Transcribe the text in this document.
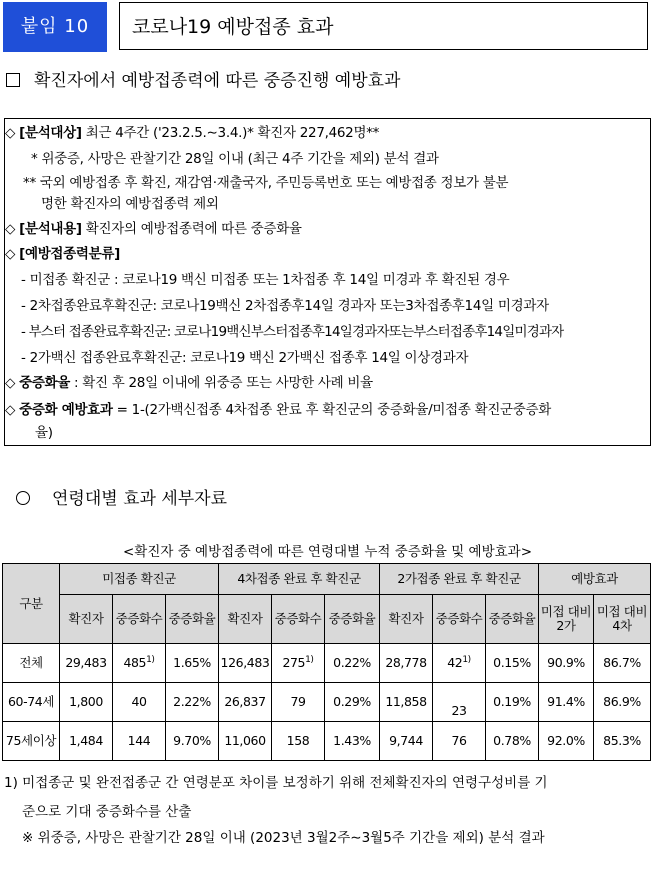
붙임 10	코로나19 예방접종 효과
확진자에서 예방접종력에 따른 중증진행 예방효과
◇ [분석대상] 최근 4주간 ('23.2.5.∼3.4.)* 확진자 227,462명**
* 위중증, 사망은 관찰기간 28일 이내 (최근 4주 기간을 제외) 분석 결과
** 국외 예방접종 후 확진, 재감염·재출국자, 주민등록번호 또는 예방접종 정보가 불분
명한 확진자의 예방접종력 제외
◇ [분석내용] 확진자의 예방접종력에 따른 중증화율
◇ [예방접종력분류]
- 미접종 확진군 : 코로나19 백신 미접종 또는 1차접종 후 14일 미경과 후 확진된 경우
- 2차접종완료후확진군: 코로나19백신 2차접종후14일 경과자 또는3차접종후14일 미경과자
- 부스터 접종완료후확진군: 코로나19백신부스터접종후14일경과자또는부스터접종후14일미경과자
- 2가백신 접종완료후확진군: 코로나19 백신 2가백신 접종후 14일 이상경과자
◇ 중증화율 : 확진 후 28일 이내에 위중증 또는 사망한 사례 비율
◇ 중증화 예방효과 = 1-(2가백신접종 4차접종 완료 후 확진군의 중증화율/미접종 확진군중증화
율)
연령대별 효과 세부자료
<확진자 중 예방접종력에 따른 연령대별 누적 중증화율 및 예방효과>
구분	미접종 확진군			4차접종 완료 후 확진군			2가접종 완료 후 확진군			예방효과	
	확진자	중증화수	중증화율	확진자	중증화수	중증화율	확진자	중증화수	중증화율	미접 대비 2가	미접 대비 4차
전체	29,483	485$^{1)}$	1.65%	126,483	275$^{1)}$	0.22%	28,778	42$^{1)}$	0.15%	90.9%	86.7%
60-74세	1,800	40	2.22%	26,837	79	0.29%	11,858	23	0.19%	91.4%	86.9%
75세이상	1,484	144	9.70%	11,060	158	1.43%	9,744	76	0.78%	92.0%	85.3%
1) 미접종군 및 완전접종군 간 연령분포 차이를 보정하기 위해 전체확진자의 연령구성비를 기
준으로 기대 중증화수를 산출
※ 위중증, 사망은 관찰기간 28일 이내 (2023년 3월2주∼3월5주 기간을 제외) 분석 결과
